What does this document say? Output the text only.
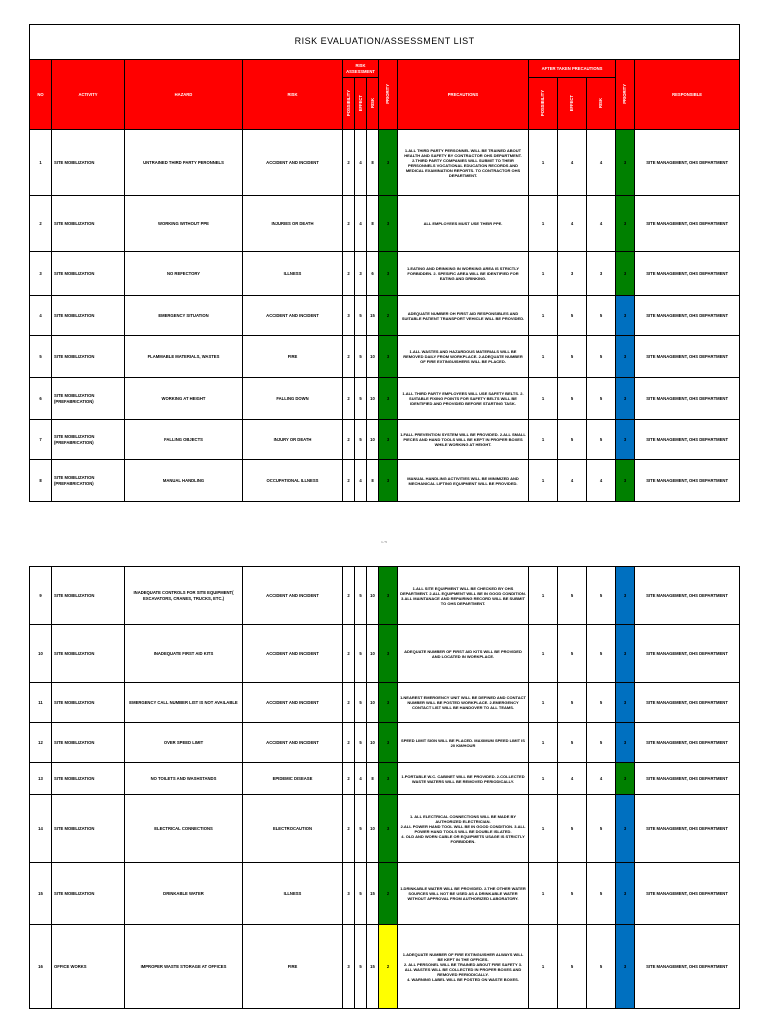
RISK EVALUATION/ASSESSMENT LIST													
NO	ACTIVITY	HAZARD	RISK	RISK ASSESSMENT			PRIORITY	PRECAUTIONS	AFTER TAKEN PRECAUTIONS			PRIORITY	RESPONSIBLE
				POSSIBILITY	EFFECT	RISK			POSSIBILITY	EFFECT	RISK		
1	SITE MOBILIZATION	UNTRAINED THIRD PARTY PERONNELS	ACCIDENT AND INCIDENT	2	4	8	3	1.ALL THIRD PARTY PERSONNEL WILL BE TRAINED ABOUT HEALTH AND SAFETY BY CONTRACTOR OHS DEPARTMENT. 2.THIRD PARTY COMPANIES WILL SUBMIT TO THEIR PERSONNELS VOCATIONAL EDUCATION RECORDS AND MEDICAL EXAMINATION REPORTS. TO CONTRACTOR OHS DEPARTMENT.	1	4	4	3	SITE MANAGEMENT, OHS DEPARTMENT
2	SITE MOBILIZATION	WORKING WITHOUT PPE	INJURIES OR DEATH	2	4	8	3	ALL EMPLOYEES MUST USE THEIR PPE.	1	4	4	3	SITE MANAGEMENT, OHS DEPARTMENT
3	SITE MOBILIZATION	NO REFECTORY	ILLNESS	2	3	6	3	1.EATING AND DRINKING IN WORKING AREA IS STRICTLY FORBIDDEN. 2. SPESIFIC AREA WILL BE IDENTIFIED FOR EATING AND DRINKING.	1	3	3	3	SITE MANAGEMENT, OHS DEPARTMENT
4	SITE MOBILIZATION	EMERGENCY SITUATION	ACCIDENT AND INCIDENT	3	5	15	2	ADEQUATE NUMBER OH FIRST AID RESPONSIBLES AND SUITABLE PATIENT TRANSPORT VEHICLE WILL BE PROVIDED.	1	5	5	3	SITE MANAGEMENT, OHS DEPARTMENT
5	SITE MOBILIZATION	FLAMMABLE MATERIALS, WASTES	FIRE	2	5	10	3	1.ALL WASTES AND HAZARDOUS MATERIALS WILL BE REMOVED DAILY FROM WORKPLACE. 2.ADEQUATE NUMBER OF FIRE EXTINGUISHERS WILL BE PLACED.	1	5	5	3	SITE MANAGEMENT, OHS DEPARTMENT
6	SITE MOBILIZATION (PREFABRICATION)	WORKING AT HEIGHT	FALLING DOWN	2	5	10	3	1.ALL THIRD PARTY EMPLOYEES WILL USE SAFETY BELTS. 2. SUITABLE FIXING POINTS FOR SAFETY BELTS WILL BE IDENTIFIED AND PROVIDED BEFORE STARTING TASK.	1	5	5	3	SITE MANAGEMENT, OHS DEPARTMENT
7	SITE MOBILIZATION (PREFABRICATION)	FALLING OBJECTS	INJURY OR DEATH	2	5	10	3	1.FALL PREVENTION SYSTEM WILL BE PROVIDED. 2.ALL SMALL PIECES AND HAND TOOLS WILL BE KEPT IN PROPER BOXES WHILE WORKING AT HEIGHT.	1	5	5	3	SITE MANAGEMENT, OHS DEPARTMENT
8	SITE MOBILIZATION (PREFABRICATION)	MANUAL HANDLING	OCCUPATIONAL ILLNESS	2	4	8	3	MANUAL HANDLING ACTIVITIES WILL BE MINIMIZED AND MECHANICAL LIFTING EQUIPMENT WILL BE PROVIDED.	1	4	4	3	SITE MANAGEMENT, OHS DEPARTMENT
1 / 5
9	SITE MOBILIZATION	INADEQUATE CONTROLS FOR SITE EQUIPMENT( EXCAVATORS, CRANES, TRUCKS, ETC.)	ACCIDENT AND INCIDENT	2	5	10	3	1.ALL SITE EQUIPMENT WILL BE CHECKED BY OHS DEPARTMENT. 2.ALL EQUIPMENT WILL BE IN GOOD CONDITION. 3.ALL MAINTANACE AND REPAIRING RECORD WILL BE SUBMIT TO OHS DEPARTMENT.	1	5	5	3	SITE MANAGEMENT, OHS DEPARTMENT
10	SITE MOBILIZATION	INADEQUATE FIRST AID KITS	ACCIDENT AND INCIDENT	2	5	10	3	ADEQUATE NUMBER OF FIRST AID KITS WILL BE PROVIDED AND LOCATED IN WORKPLACE.	1	5	5	3	SITE MANAGEMENT, OHS DEPARTMENT
11	SITE MOBILIZATION	EMERGENCY CALL NUMBER LIST IS NOT AVAILABLE	ACCIDENT AND INCIDENT	2	5	10	3	1.NEAREST EMERGENCY UNIT WILL BE DEFINED AND CONTACT NUMBER WILL BE POSTED WORKPLACE. 2.EMERGENCY CONTACT LIST WILL BE HANDOVER TO ALL TEAMS.	1	5	5	3	SITE MANAGEMENT, OHS DEPARTMENT
12	SITE MOBILIZATION	OVER SPEED LIMIT	ACCIDENT AND INCIDENT	2	5	10	3	SPEED LIMIT SIGN WILL BE PLACED. MAXIMUM SPEED LIMIT IS 20 KM/HOUR	1	5	5	3	SITE MANAGEMENT, OHS DEPARTMENT
13	SITE MOBILIZATION	NO TOILETS AND WASHSTANDS	EPIDEMIC DISEASE	2	4	8	3	1.PORTABLE W.C. CABINET WILL BE PROVIDED. 2.COLLECTED WASTE WATERS WILL BE REMOVED PERIODICALLY.	1	4	4	3	SITE MANAGEMENT, OHS DEPARTMENT
14	SITE MOBILIZATION	ELECTRICAL CONNECTIONS	ELECTROCAUTION	2	5	10	3	1. ALL ELECTRICAL CONNECTIONS WILL BE MADE BY AUTHORIZED ELECTRICIAN.
2.ALL POWER HAND TOOL WILL BE IN GOOD CONDITION. 3.ALL POWER HAND TOOLS WILL BE DOUBLE ISLATED.
4. OLD AND WORN CABLE OR EQUIPMETS USAGE IS STRICTLY FORBIDDEN.	1	5	5	3	SITE MANAGEMENT, OHS DEPARTMENT
15	SITE MOBILIZATION	DRINKABLE WATER	ILLNESS	3	5	15	2	1.DRINKABLE WATER WILL BE PROVIDED. 2.THE OTHER WATER SOURCES WILL NOT BE USED AS A DRINKABLE WATER WITHOUT APPROVAL FROM AUTHORIZED LABORATORY.	1	5	5	3	SITE MANAGEMENT, OHS DEPARTMENT
16	OFFICE WORKS	IMPROPER WASTE STORAGE AT OFFICES	FIRE	3	5	15	2	1.ADEQUATE NUMBER OF FIRE EXTINGUISHER ALWAYS WILL BE KEPT IN THE OFFICES.
2. ALL PERSONEL WILL BE TRAINED ABOUT FIRE SAFETY 3. ALL WASTES WILL BE COLLECTED IN PROPER BOXES AND REMOVED PERIODICALLY.
4. WARNING LABEL WILL BE POSTED ON WASTE BOXES.	1	5	5	3	SITE MANAGEMENT, OHS DEPARTMENT
